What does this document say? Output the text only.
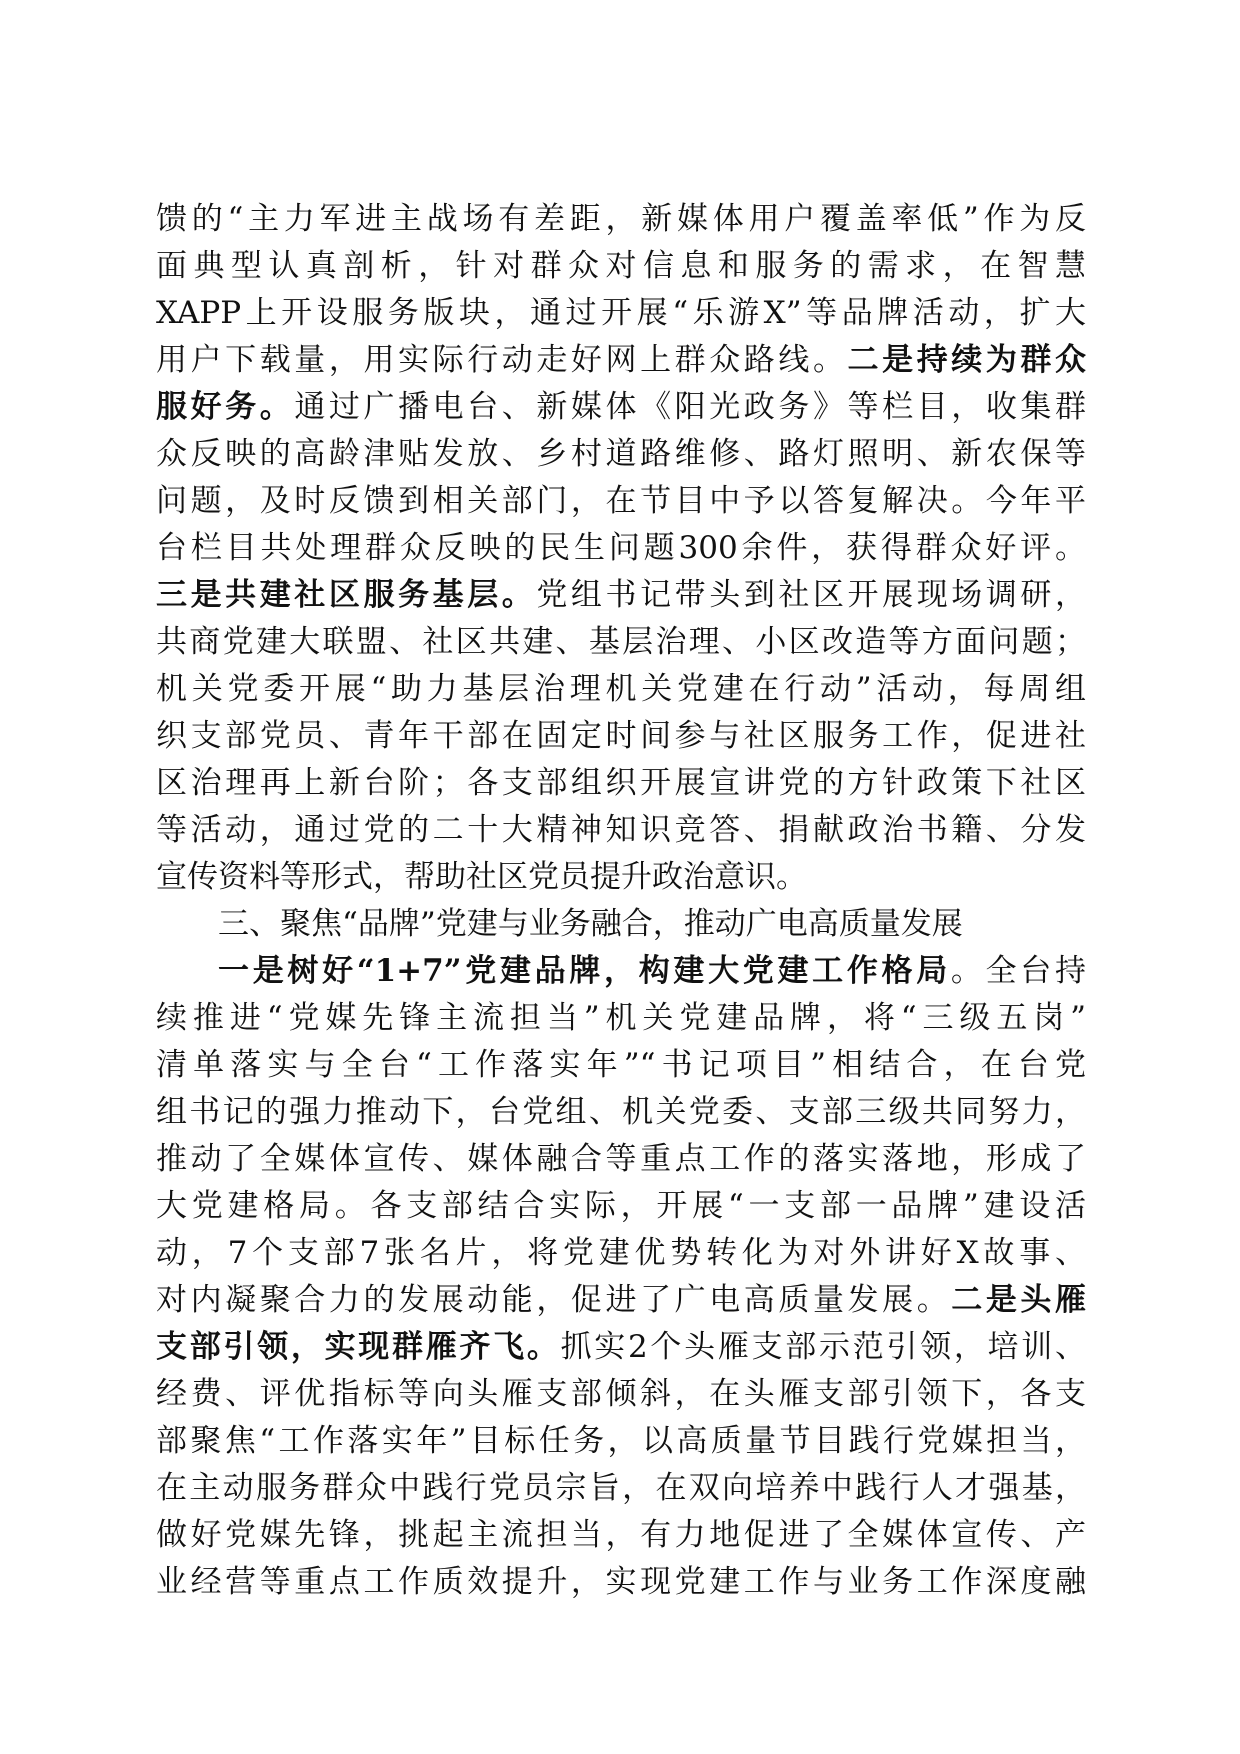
馈的“主力军进主战场有差距，新媒体用户覆盖率低”作为反
面典型认真剖析，针对群众对信息和服务的需求，在智慧
XAPP上开设服务版块，通过开展“乐游X”等品牌活动，扩大
用户下载量，用实际行动走好网上群众路线。二是持续为群众
服好务。通过广播电台、新媒体《阳光政务》等栏目，收集群
众反映的高龄津贴发放、乡村道路维修、路灯照明、新农保等
问题，及时反馈到相关部门，在节目中予以答复解决。今年平
台栏目共处理群众反映的民生问题300余件，获得群众好评。
三是共建社区服务基层。党组书记带头到社区开展现场调研，
共商党建大联盟、社区共建、基层治理、小区改造等方面问题；
机关党委开展“助力基层治理机关党建在行动”活动，每周组
织支部党员、青年干部在固定时间参与社区服务工作，促进社
区治理再上新台阶；各支部组织开展宣讲党的方针政策下社区
等活动，通过党的二十大精神知识竞答、捐献政治书籍、分发
宣传资料等形式，帮助社区党员提升政治意识。
三、聚焦“品牌”党建与业务融合，推动广电高质量发展
一是树好“1+7”党建品牌，构建大党建工作格局。全台持
续推进“党媒先锋主流担当”机关党建品牌，将“三级五岗”
清单落实与全台“工作落实年”“书记项目”相结合，在台党
组书记的强力推动下，台党组、机关党委、支部三级共同努力，
推动了全媒体宣传、媒体融合等重点工作的落实落地，形成了
大党建格局。各支部结合实际，开展“一支部一品牌”建设活
动，7个支部7张名片，将党建优势转化为对外讲好X故事、
对内凝聚合力的发展动能，促进了广电高质量发展。二是头雁
支部引领，实现群雁齐飞。抓实2个头雁支部示范引领，培训、
经费、评优指标等向头雁支部倾斜，在头雁支部引领下，各支
部聚焦“工作落实年”目标任务，以高质量节目践行党媒担当，
在主动服务群众中践行党员宗旨，在双向培养中践行人才强基，
做好党媒先锋，挑起主流担当，有力地促进了全媒体宣传、产
业经营等重点工作质效提升，实现党建工作与业务工作深度融
